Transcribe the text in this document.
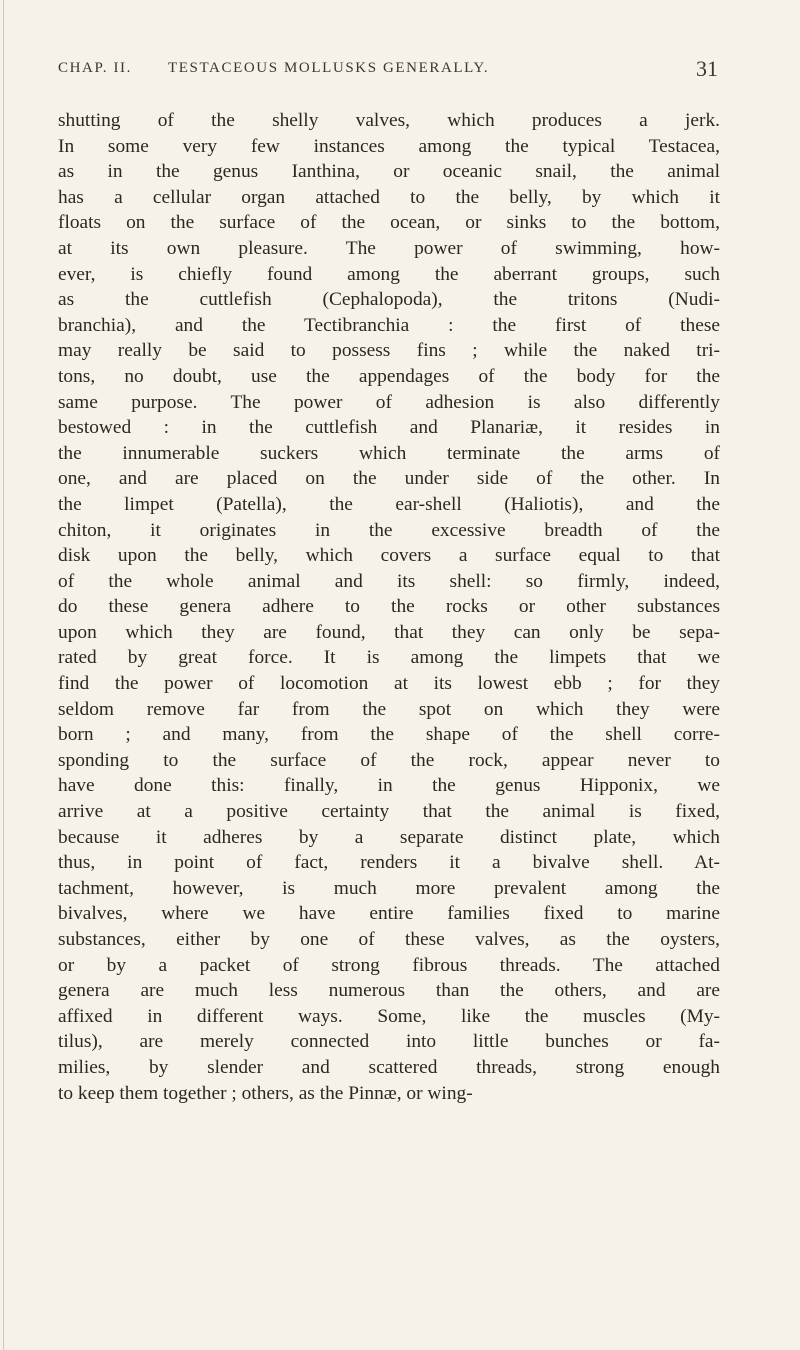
CHAP. II. TESTACEOUS MOLLUSKS GENERALLY.	31
shutting of the shelly valves, which produces a jerk.
In some very few instances among the typical Testacea,
as in the genus Ianthina, or oceanic snail, the animal
has a cellular organ attached to the belly, by which it
floats on the surface of the ocean, or sinks to the bottom,
at its own pleasure. The power of swimming, how-
ever, is chiefly found among the aberrant groups, such
as the cuttlefish (Cephalopoda), the tritons (Nudi-
branchia), and the Tectibranchia : the first of these
may really be said to possess fins ; while the naked tri-
tons, no doubt, use the appendages of the body for the
same purpose. The power of adhesion is also differently
bestowed : in the cuttlefish and Planariæ, it resides in
the innumerable suckers which terminate the arms of
one, and are placed on the under side of the other. In
the limpet (Patella), the ear-shell (Haliotis), and the
chiton, it originates in the excessive breadth of the
disk upon the belly, which covers a surface equal to that
of the whole animal and its shell: so firmly, indeed,
do these genera adhere to the rocks or other substances
upon which they are found, that they can only be sepa-
rated by great force. It is among the limpets that we
find the power of locomotion at its lowest ebb ; for they
seldom remove far from the spot on which they were
born ; and many, from the shape of the shell corre-
sponding to the surface of the rock, appear never to
have done this: finally, in the genus Hipponix, we
arrive at a positive certainty that the animal is fixed,
because it adheres by a separate distinct plate, which
thus, in point of fact, renders it a bivalve shell. At-
tachment, however, is much more prevalent among the
bivalves, where we have entire families fixed to marine
substances, either by one of these valves, as the oysters,
or by a packet of strong fibrous threads. The attached
genera are much less numerous than the others, and are
affixed in different ways. Some, like the muscles (My-
tilus), are merely connected into little bunches or fa-
milies, by slender and scattered threads, strong enough
to keep them together ; others, as the Pinnæ, or wing-
